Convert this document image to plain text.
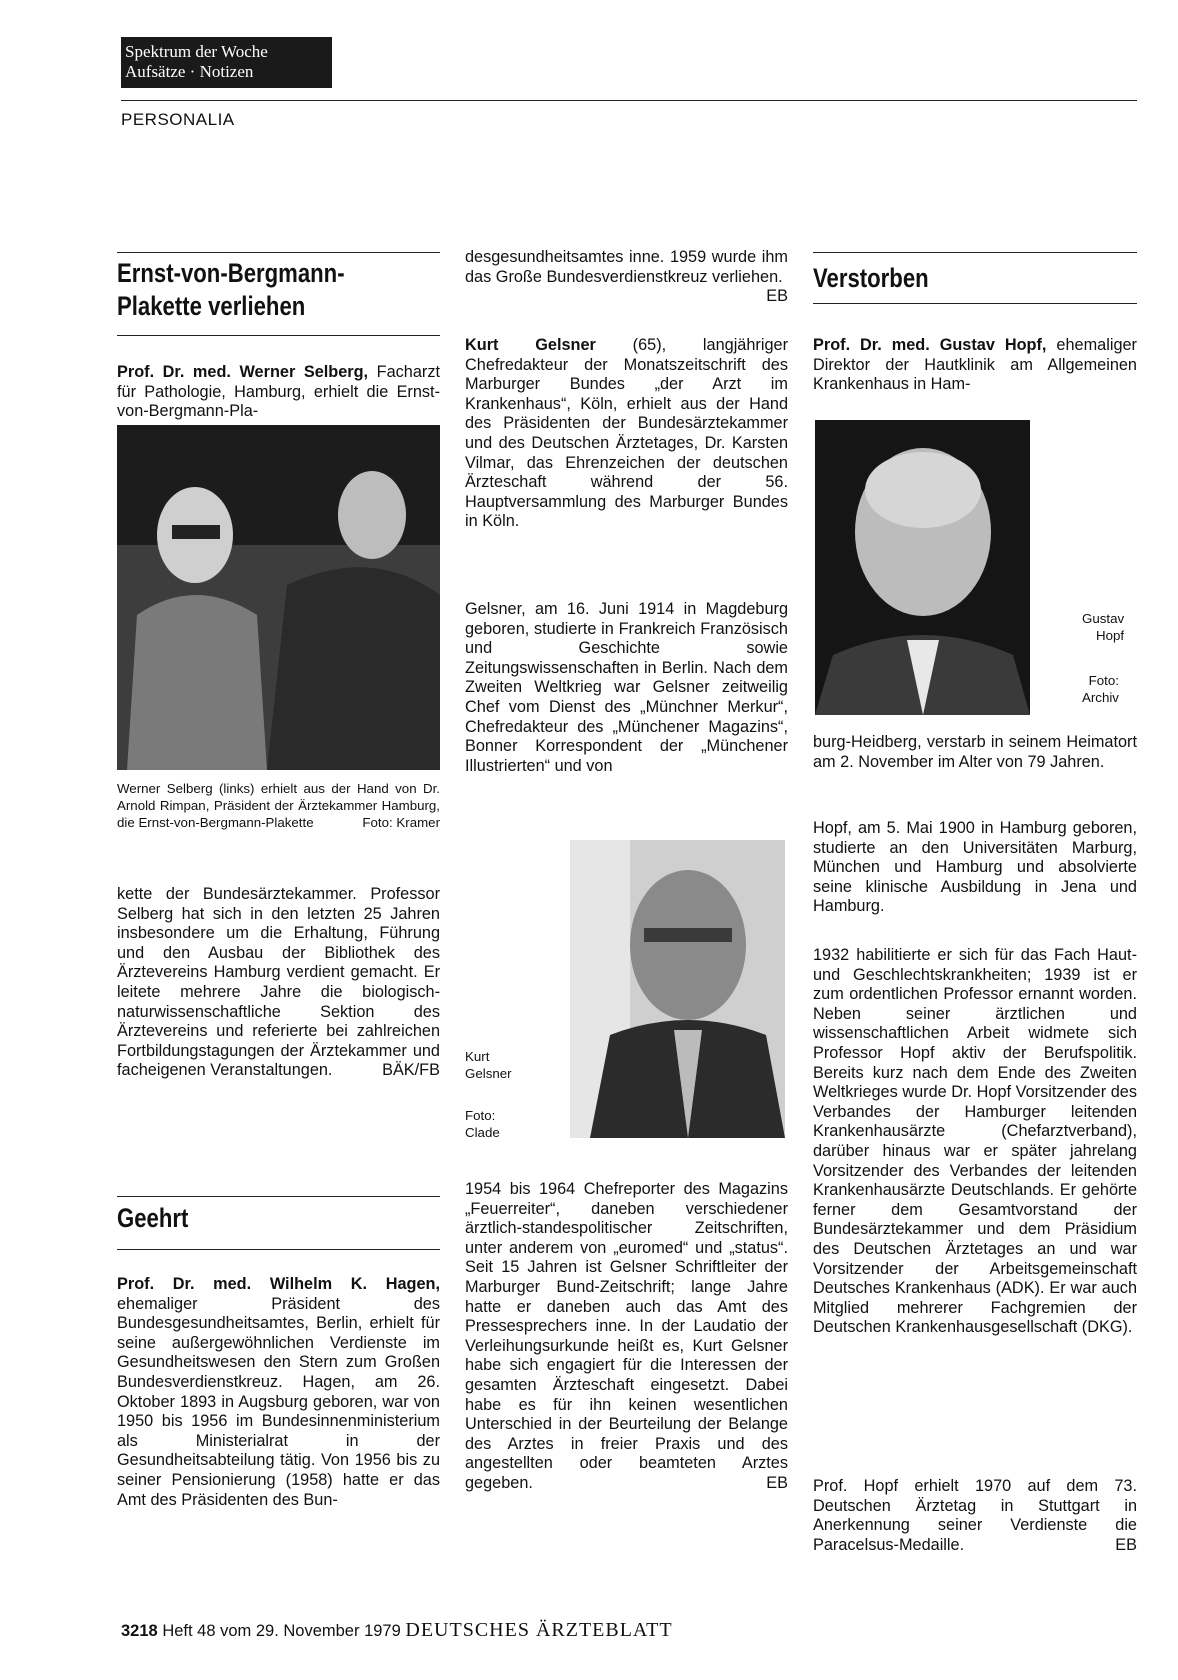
Spektrum der Woche
Aufsätze · Notizen
PERSONALIA
Ernst-von-Bergmann-
Plakette verliehen
Prof. Dr. med. Werner Selberg, Facharzt für Pathologie, Hamburg, erhielt die Ernst-von-Bergmann-Pla-
Werner Selberg (links) erhielt aus der Hand von Dr. Arnold Rimpan, Präsident der Ärztekammer Hamburg, die Ernst-von-Bergmann-Plakette	Foto: Kramer
kette der Bundesärztekammer. Professor Selberg hat sich in den letzten 25 Jahren insbesondere um die Erhaltung, Führung und den Ausbau der Bibliothek des Ärztevereins Hamburg verdient gemacht. Er leitete mehrere Jahre die biologisch-naturwissenschaftliche Sektion des Ärztevereins und referierte bei zahlreichen Fortbildungstagungen der Ärztekammer und facheigenen Veranstaltungen.	BÄK/FB
Geehrt
Prof. Dr. med. Wilhelm K. Hagen, ehemaliger Präsident des Bundesgesundheitsamtes, Berlin, erhielt für seine außergewöhnlichen Verdienste im Gesundheitswesen den Stern zum Großen Bundesverdienstkreuz. Hagen, am 26. Oktober 1893 in Augsburg geboren, war von 1950 bis 1956 im Bundesinnenministerium als Ministerialrat in der Gesundheitsabteilung tätig. Von 1956 bis zu seiner Pensionierung (1958) hatte er das Amt des Präsidenten des Bun-
desgesundheitsamtes inne. 1959 wurde ihm das Große Bundesverdienstkreuz verliehen.
EB
Kurt Gelsner (65), langjähriger Chefredakteur der Monatszeitschrift des Marburger Bundes „der Arzt im Krankenhaus“, Köln, erhielt aus der Hand des Präsidenten der Bundesärztekammer und des Deutschen Ärztetages, Dr. Karsten Vilmar, das Ehrenzeichen der deutschen Ärzteschaft während der 56. Hauptversammlung des Marburger Bundes in Köln.
Gelsner, am 16. Juni 1914 in Magdeburg geboren, studierte in Frankreich Französisch und Geschichte sowie Zeitungswissenschaften in Berlin. Nach dem Zweiten Weltkrieg war Gelsner zeitweilig Chef vom Dienst des „Münchner Merkur“, Chefredakteur des „Münchener Magazins“, Bonner Korrespondent der „Münchener Illustrierten“ und von
Kurt
Gelsner
Foto:
Clade
1954 bis 1964 Chefreporter des Magazins „Feuerreiter“, daneben verschiedener ärztlich-standespolitischer Zeitschriften, unter anderem von „euromed“ und „status“. Seit 15 Jahren ist Gelsner Schriftleiter der Marburger Bund-Zeitschrift; lange Jahre hatte er daneben auch das Amt des Pressesprechers inne. In der Laudatio der Verleihungsurkunde heißt es, Kurt Gelsner habe sich engagiert für die Interessen der gesamten Ärzteschaft eingesetzt. Dabei habe es für ihn keinen wesentlichen Unterschied in der Beurteilung der Belange des Arztes in freier Praxis und des angestellten oder beamteten Arztes gegeben.	EB
Verstorben
Prof. Dr. med. Gustav Hopf, ehemaliger Direktor der Hautklinik am Allgemeinen Krankenhaus in Ham-
Gustav
Hopf
Foto:
Archiv
burg-Heidberg, verstarb in seinem Heimatort am 2. November im Alter von 79 Jahren.
Hopf, am 5. Mai 1900 in Hamburg geboren, studierte an den Universitäten Marburg, München und Hamburg und absolvierte seine klinische Ausbildung in Jena und Hamburg.
1932 habilitierte er sich für das Fach Haut- und Geschlechtskrankheiten; 1939 ist er zum ordentlichen Professor ernannt worden. Neben seiner ärztlichen und wissenschaftlichen Arbeit widmete sich Professor Hopf aktiv der Berufspolitik. Bereits kurz nach dem Ende des Zweiten Weltkrieges wurde Dr. Hopf Vorsitzender des Verbandes der Hamburger leitenden Krankenhausärzte (Chefarztverband), darüber hinaus war er später jahrelang Vorsitzender des Verbandes der leitenden Krankenhausärzte Deutschlands. Er gehörte ferner dem Gesamtvorstand der Bundesärztekammer und dem Präsidium des Deutschen Ärztetages an und war Vorsitzender der Arbeitsgemeinschaft Deutsches Krankenhaus (ADK). Er war auch Mitglied mehrerer Fachgremien der Deutschen Krankenhausgesellschaft (DKG).
Prof. Hopf erhielt 1970 auf dem 73. Deutschen Ärztetag in Stuttgart in Anerkennung seiner Verdienste die Paracelsus-Medaille.	EB
3218 Heft 48 vom 29. November 1979 DEUTSCHES ÄRZTEBLATT
